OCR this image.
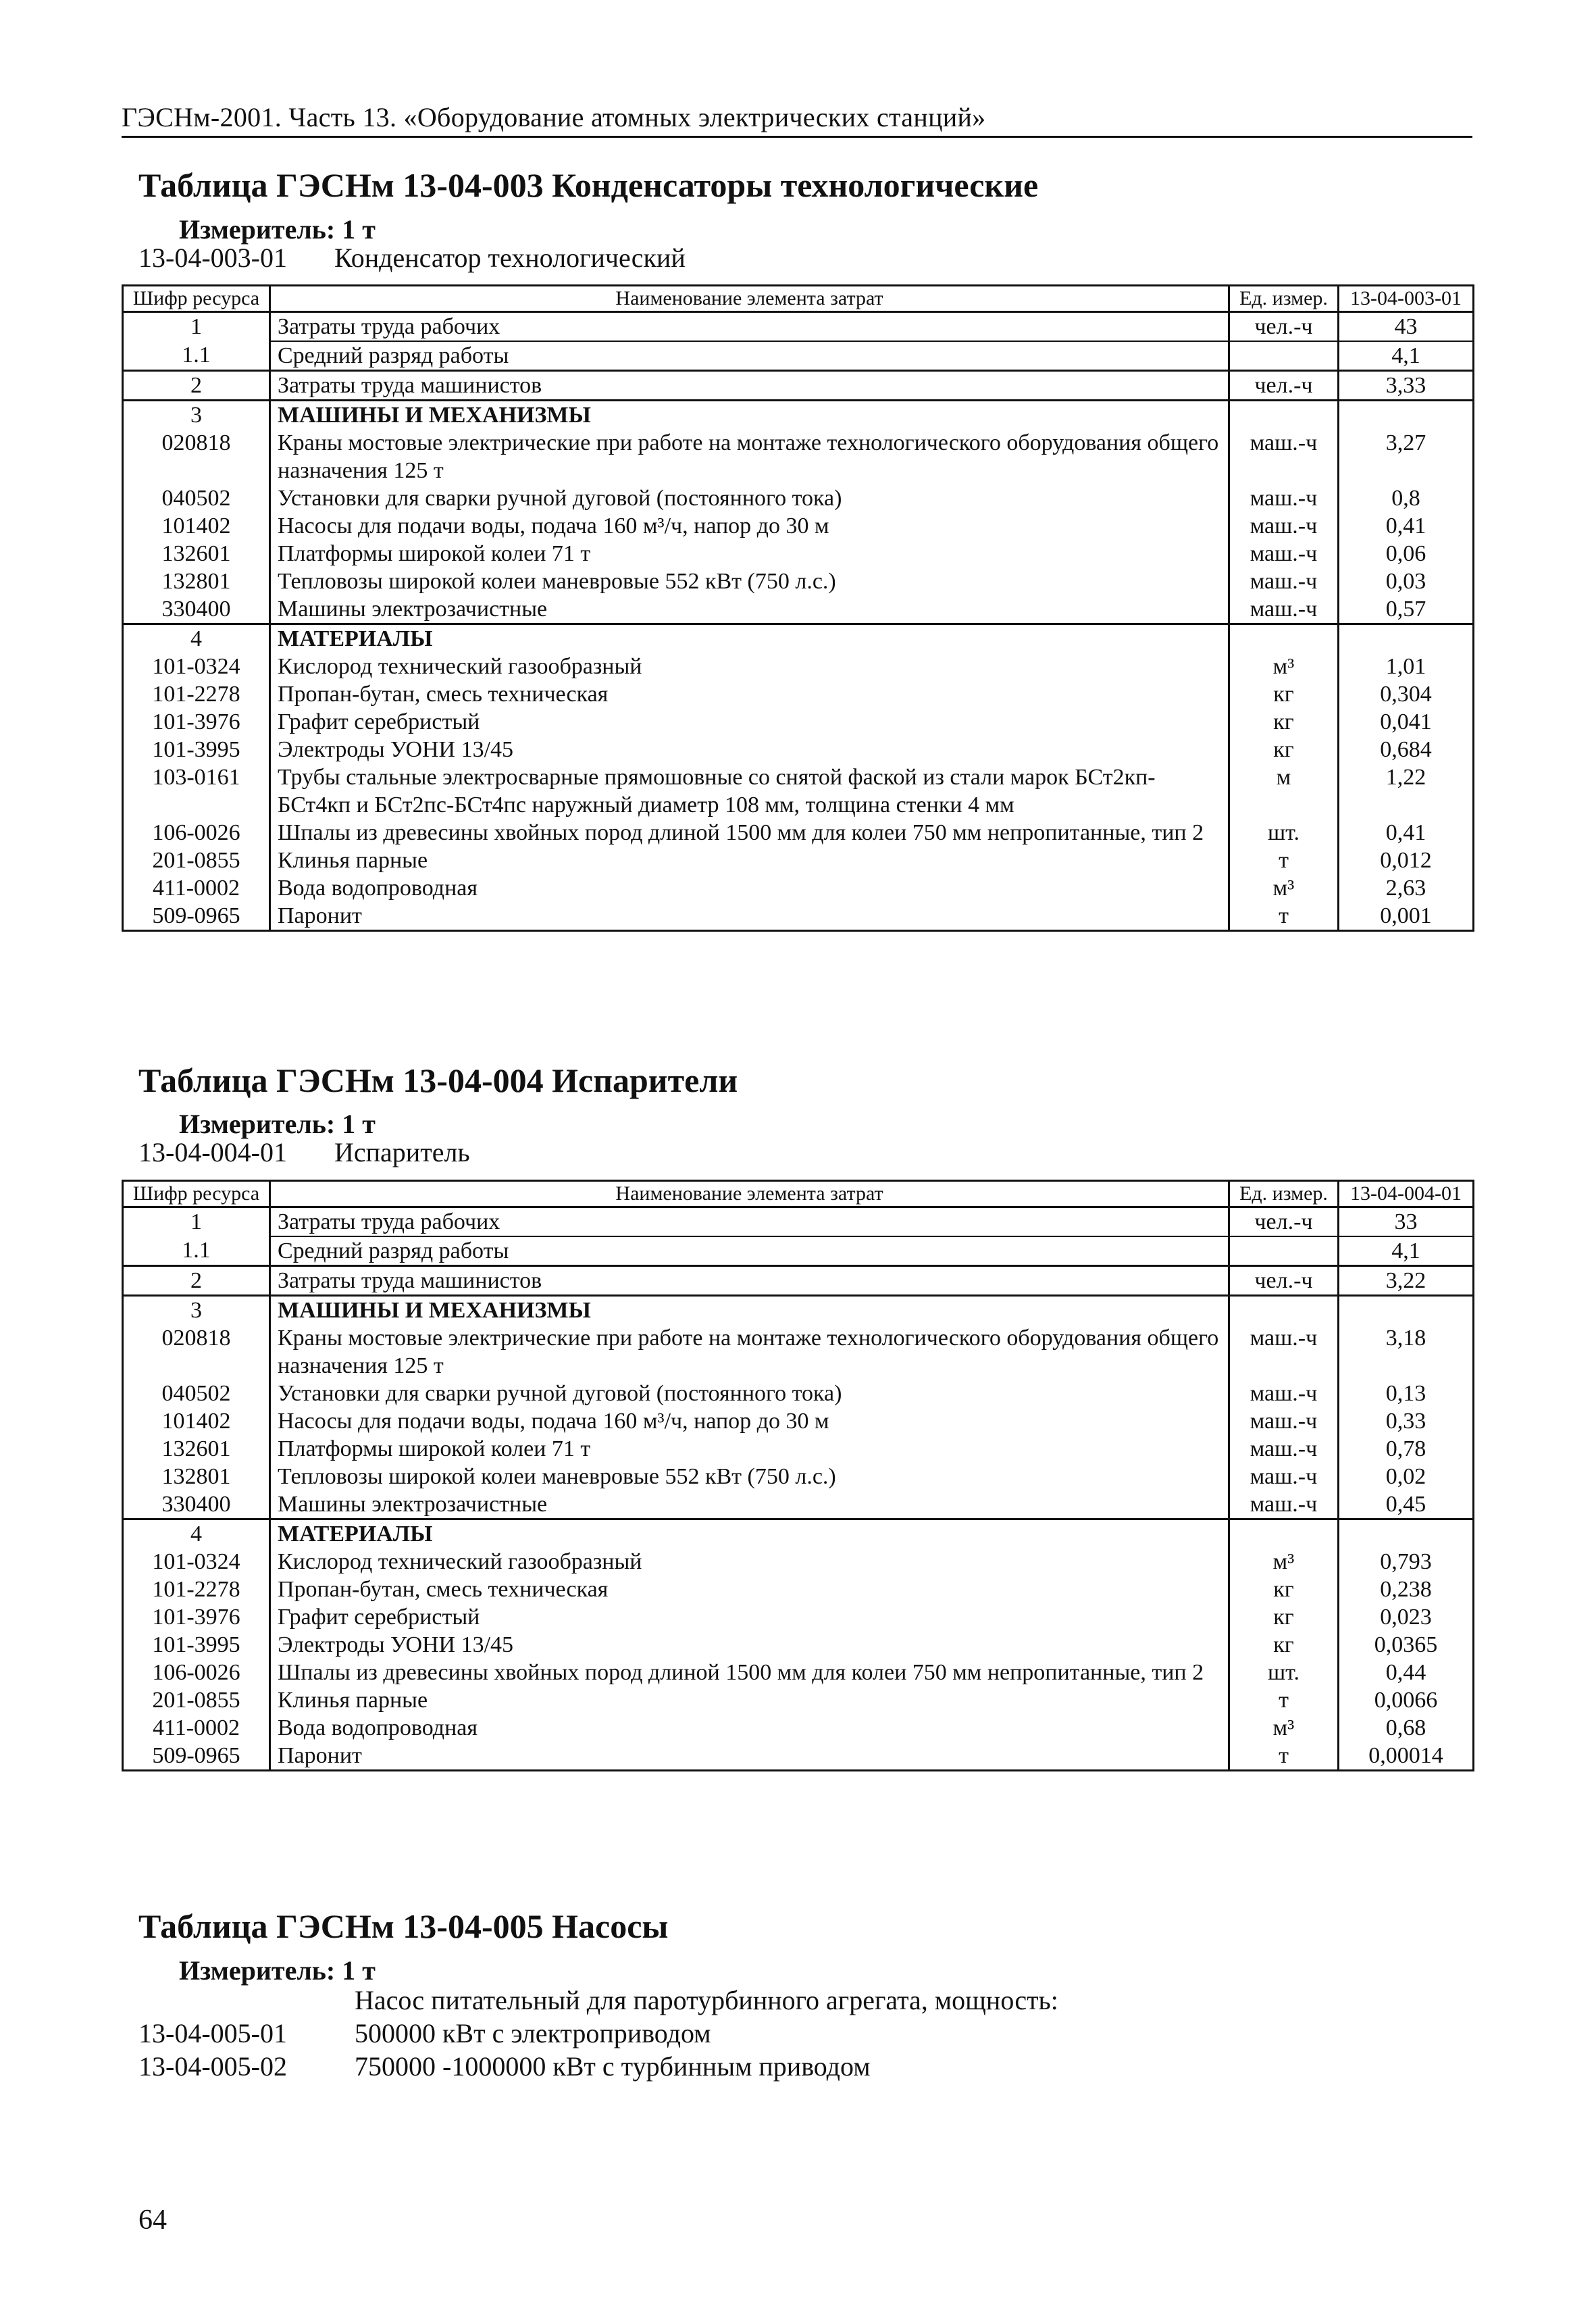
ГЭСНм-2001. Часть 13. «Оборудование атомных электрических станций»
Таблица ГЭСНм 13-04-003 Конденсаторы технологические
Измеритель: 1 т
13-04-003-01 Конденсатор технологический
Шифр ресурса	Наименование элемента затрат	Ед. измер.	13-04-003-01
1	Затраты труда рабочих	чел.-ч	43
1.1	Средний разряд работы		4,1
2	Затраты труда машинистов	чел.-ч	3,33
3	МАШИНЫ И МЕХАНИЗМЫ		
020818	Краны мостовые электрические при работе на монтаже технологического оборудования общего назначения 125 т	маш.-ч	3,27
040502	Установки для сварки ручной дуговой (постоянного тока)	маш.-ч	0,8
101402	Насосы для подачи воды, подача 160 м³/ч, напор до 30 м	маш.-ч	0,41
132601	Платформы широкой колеи 71 т	маш.-ч	0,06
132801	Тепловозы широкой колеи маневровые 552 кВт (750 л.с.)	маш.-ч	0,03
330400	Машины электрозачистные	маш.-ч	0,57
4	МАТЕРИАЛЫ		
101-0324	Кислород технический газообразный	м³	1,01
101-2278	Пропан-бутан, смесь техническая	кг	0,304
101-3976	Графит серебристый	кг	0,041
101-3995	Электроды УОНИ 13/45	кг	0,684
103-0161	Трубы стальные электросварные прямошовные со снятой фаской из стали марок БСт2кп-БСт4кп и БСт2пс-БСт4пс наружный диаметр 108 мм, толщина стенки 4 мм	м	1,22
106-0026	Шпалы из древесины хвойных пород длиной 1500 мм для колеи 750 мм непропитанные, тип 2	шт.	0,41
201-0855	Клинья парные	т	0,012
411-0002	Вода водопроводная	м³	2,63
509-0965	Паронит	т	0,001
Таблица ГЭСНм 13-04-004 Испарители
Измеритель: 1 т
13-04-004-01 Испаритель
Шифр ресурса	Наименование элемента затрат	Ед. измер.	13-04-004-01
1	Затраты труда рабочих	чел.-ч	33
1.1	Средний разряд работы		4,1
2	Затраты труда машинистов	чел.-ч	3,22
3	МАШИНЫ И МЕХАНИЗМЫ		
020818	Краны мостовые электрические при работе на монтаже технологического оборудования общего назначения 125 т	маш.-ч	3,18
040502	Установки для сварки ручной дуговой (постоянного тока)	маш.-ч	0,13
101402	Насосы для подачи воды, подача 160 м³/ч, напор до 30 м	маш.-ч	0,33
132601	Платформы широкой колеи 71 т	маш.-ч	0,78
132801	Тепловозы широкой колеи маневровые 552 кВт (750 л.с.)	маш.-ч	0,02
330400	Машины электрозачистные	маш.-ч	0,45
4	МАТЕРИАЛЫ		
101-0324	Кислород технический газообразный	м³	0,793
101-2278	Пропан-бутан, смесь техническая	кг	0,238
101-3976	Графит серебристый	кг	0,023
101-3995	Электроды УОНИ 13/45	кг	0,0365
106-0026	Шпалы из древесины хвойных пород длиной 1500 мм для колеи 750 мм непропитанные, тип 2	шт.	0,44
201-0855	Клинья парные	т	0,0066
411-0002	Вода водопроводная	м³	0,68
509-0965	Паронит	т	0,00014
Таблица ГЭСНм 13-04-005 Насосы
Измеритель: 1 т
Насос питательный для паротурбинного агрегата, мощность:
13-04-005-01	500000 кВт с электроприводом
13-04-005-02	750000 -1000000 кВт с турбинным приводом
64
